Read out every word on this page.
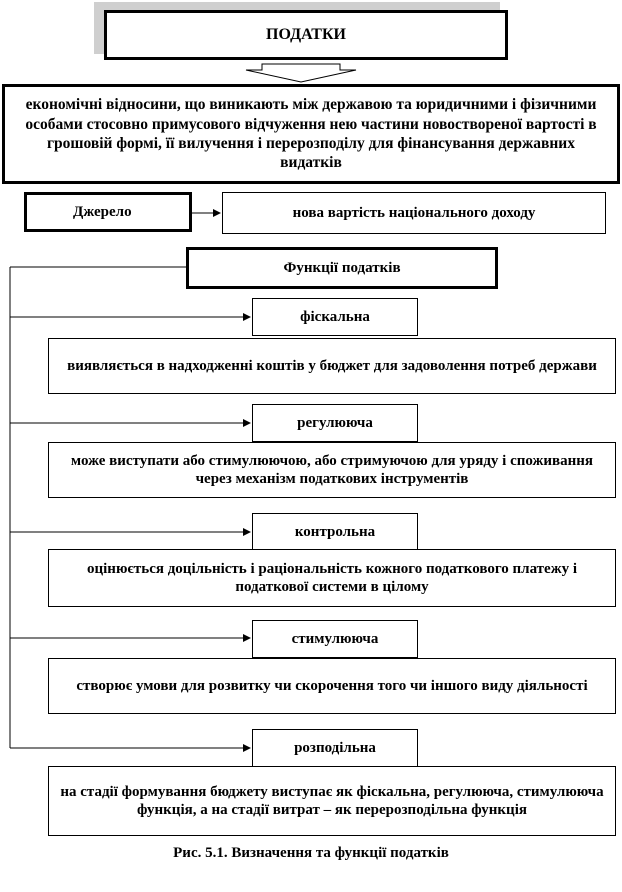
ПОДАТКИ
економічні відносини, що виникають між державою та юридичними і фізичними особами стосовно примусового відчуження нею частини новоствореної вартості в грошовій формі, її вилучення і перерозподілу для фінансування державних видатків
Джерело	нова вартість національного доходу
Функції податків
фіскальна
виявляється в надходженні коштів у бюджет для задоволення потреб держави
регулююча
може виступати або стимулюючою, або стримуючою для уряду і споживання через механізм податкових інструментів
контрольна
оцінюється доцільність і раціональність кожного податкового платежу і податкової системи в цілому
стимулююча
створює умови для розвитку чи скорочення того чи іншого виду діяльності
розподільна
на стадії формування бюджету виступає як фіскальна, регулююча, стимулююча функція, а на стадії витрат – як перерозподільна функція
Рис. 5.1. Визначення та функції податків
